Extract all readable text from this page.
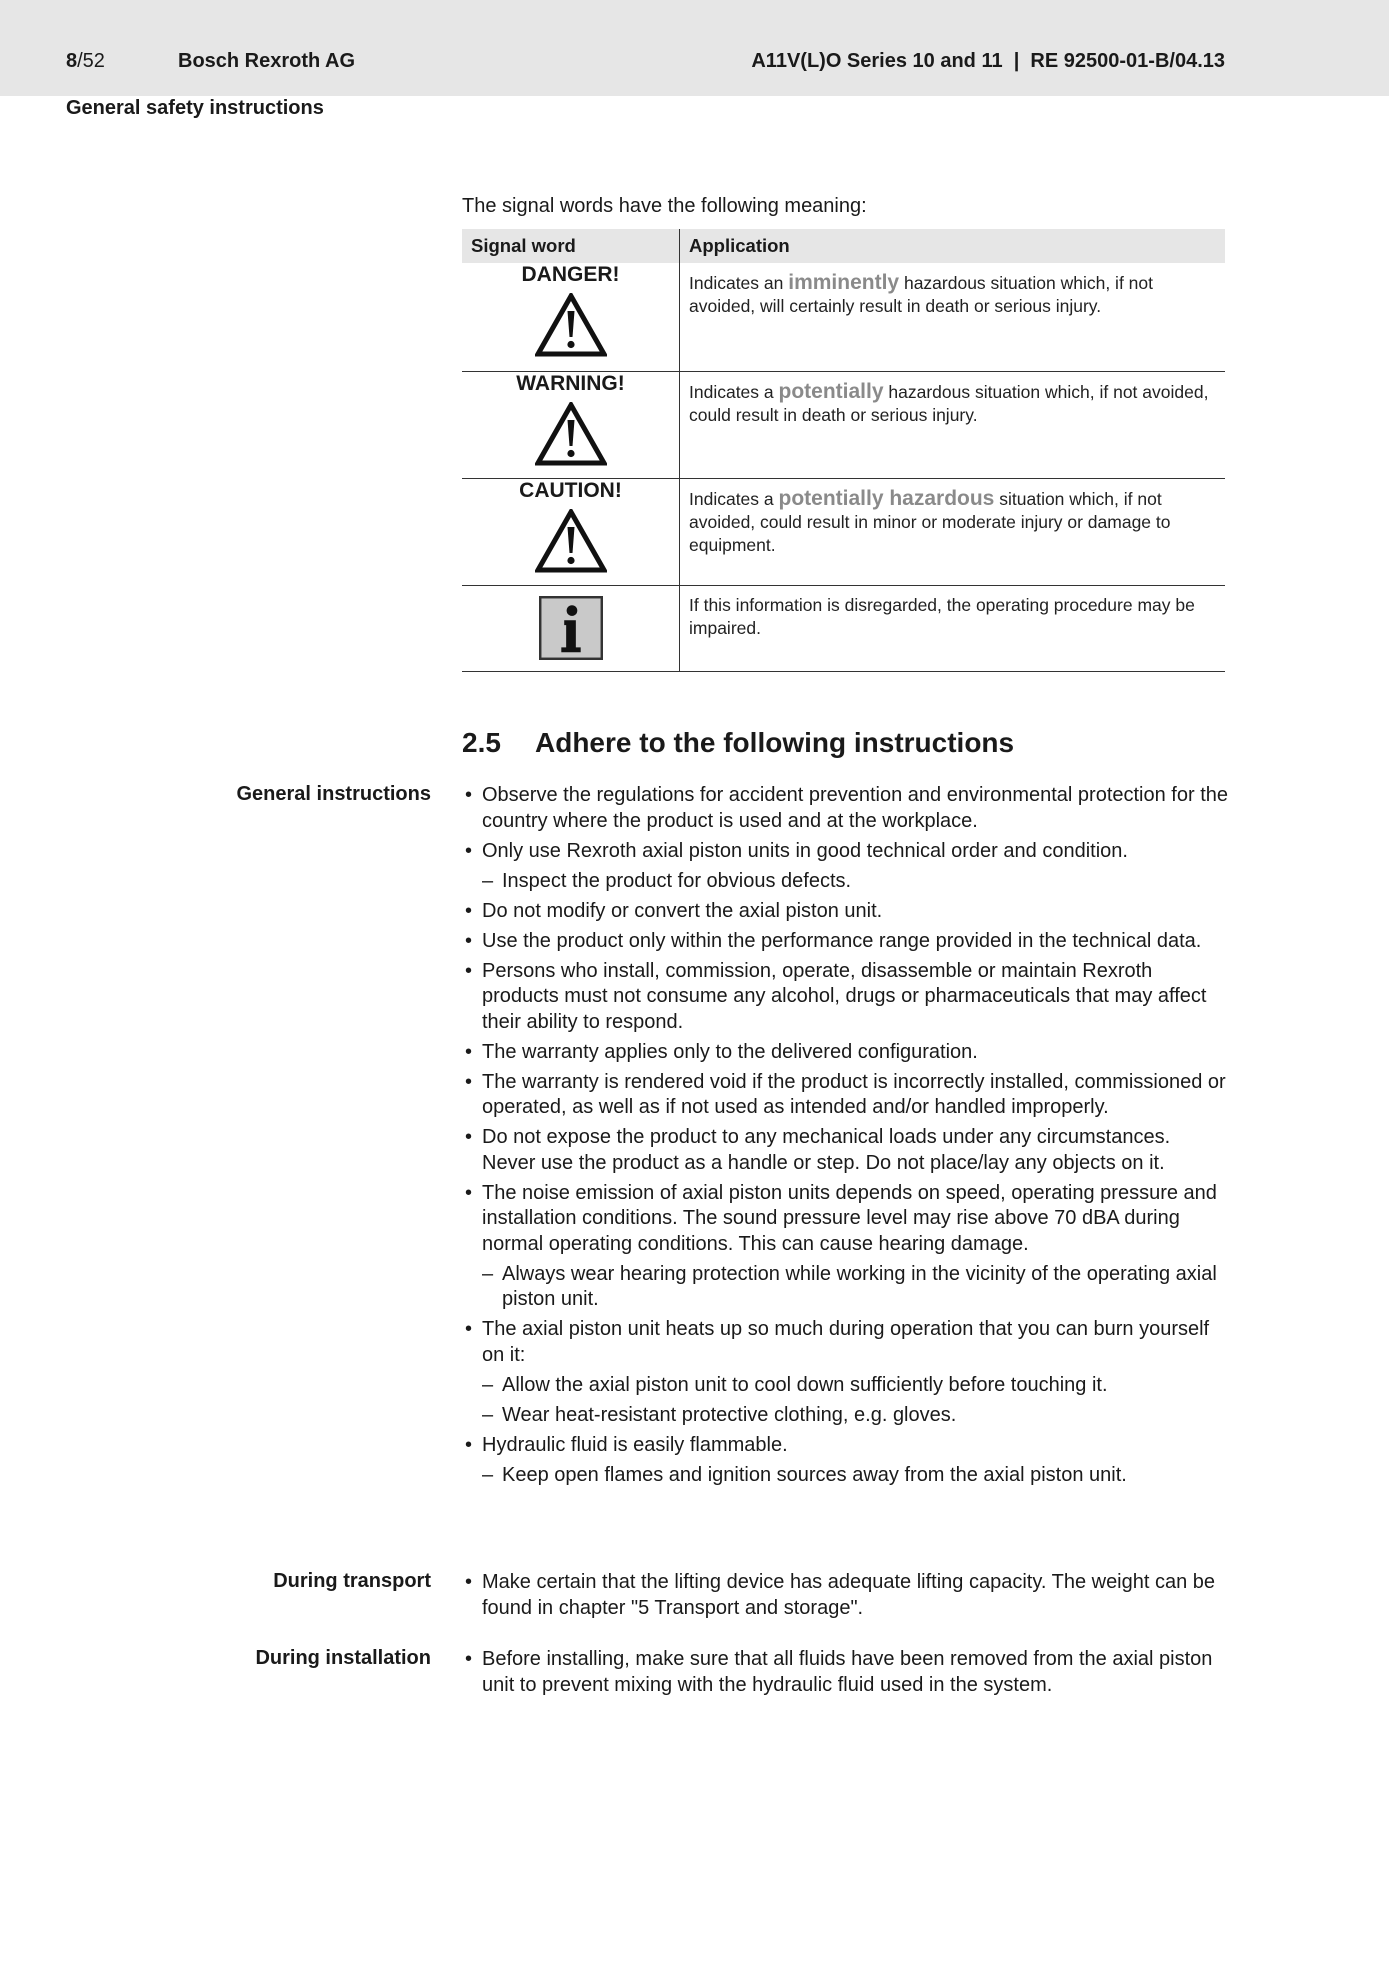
8/52	Bosch Rexroth AG	A11V(L)O Series 10 and 11  |  RE 92500-01-B/04.13
General safety instructions
The signal words have the following meaning:
Signal word	Application

DANGER!	Indicates an imminently hazardous situation which, if not avoided, will certainly result in death or serious injury.

WARNING!	Indicates a potentially hazardous situation which, if not avoided, could result in death or serious injury.

CAUTION!	Indicates a potentially hazardous situation which, if not avoided, could result in minor or moderate injury or damage to equipment.

	If this information is disregarded, the operating procedure may be impaired.
2.5 Adhere to the following instructions
General instructions	• Observe the regulations for accident prevention and environmental protection for the country where the product is used and at the workplace.
• Only use Rexroth axial piston units in good technical order and condition.
– Inspect the product for obvious defects.
• Do not modify or convert the axial piston unit.
• Use the product only within the performance range provided in the technical data.
• Persons who install, commission, operate, disassemble or maintain Rexroth products must not consume any alcohol, drugs or pharmaceuticals that may affect their ability to respond.
• The warranty applies only to the delivered configuration.
• The warranty is rendered void if the product is incorrectly installed, commissioned or operated, as well as if not used as intended and/or handled improperly.
• Do not expose the product to any mechanical loads under any circumstances. Never use the product as a handle or step. Do not place/lay any objects on it.
• The noise emission of axial piston units depends on speed, operating pressure and installation conditions. The sound pressure level may rise above 70 dBA during normal operating conditions. This can cause hearing damage.
– Always wear hearing protection while working in the vicinity of the operating axial piston unit.
• The axial piston unit heats up so much during operation that you can burn yourself on it:
– Allow the axial piston unit to cool down sufficiently before touching it.
– Wear heat-resistant protective clothing, e.g. gloves.
• Hydraulic fluid is easily flammable.
– Keep open flames and ignition sources away from the axial piston unit.
During transport	• Make certain that the lifting device has adequate lifting capacity. The weight can be found in chapter "5 Transport and storage".
During installation	• Before installing, make sure that all fluids have been removed from the axial piston unit to prevent mixing with the hydraulic fluid used in the system.
